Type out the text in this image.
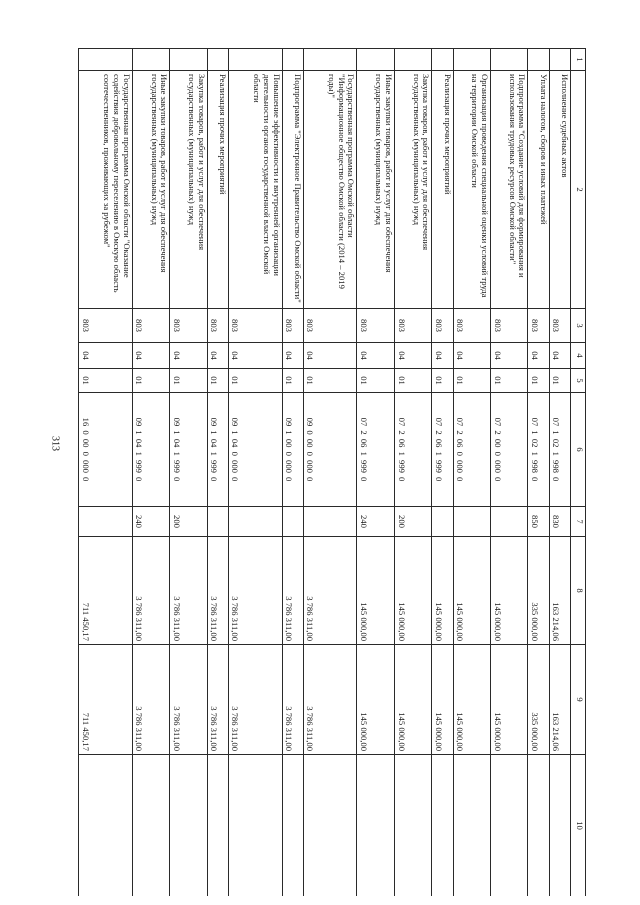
313
1	2	3	4	5	6	7	8	9	10
	Исполнение судебных актов	803	04	01	07 1 02 1 998 0	830	163 214,06	163 214,06	
	Уплата налогов, сборов и иных платежей	803	04	01	07 1 02 1 998 0	850	335 000,00	335 000,00	
	Подпрограмма "Создание условий для формирования и использования трудовых ресурсов Омской области"	803	04	01	07 2 00 0 000 0		145 000,00	145 000,00	
	Организация проведения специальной оценки условий труда на территории Омской области	803	04	01	07 2 06 0 000 0		145 000,00	145 000,00	
	Реализация прочих мероприятий	803	04	01	07 2 06 1 999 0		145 000,00	145 000,00	
	Закупка товаров, работ и услуг для обеспечения государственных (муниципальных) нужд	803	04	01	07 2 06 1 999 0	200	145 000,00	145 000,00	
	Иные закупки товаров, работ и услуг для обеспечения государственных (муниципальных) нужд	803	04	01	07 2 06 1 999 0	240	145 000,00	145 000,00	
	Государственная программа Омской области "Информационное общество Омской области (2014 – 2019 годы)"	803	04	01	09 0 00 0 000 0		3 786 311,00	3 786 311,00	
	Подпрограмма "Электронное Правительство Омской области"	803	04	01	09 1 00 0 000 0		3 786 311,00	3 786 311,00	
	Повышение эффективности и внутренней организации деятельности органов государственной власти Омской области	803	04	01	09 1 04 0 000 0		3 786 311,00	3 786 311,00	
	Реализация прочих мероприятий	803	04	01	09 1 04 1 999 0		3 786 311,00	3 786 311,00	
	Закупка товаров, работ и услуг для обеспечения государственных (муниципальных) нужд	803	04	01	09 1 04 1 999 0	200	3 786 311,00	3 786 311,00	
	Иные закупки товаров, работ и услуг для обеспечения государственных (муниципальных) нужд	803	04	01	09 1 04 1 999 0	240	3 786 311,00	3 786 311,00	
	Государственная программа Омской области "Оказание содействия добровольному переселению в Омскую область соотечественников, проживающих за рубежом"	803	04	01	16 0 00 0 000 0		711 450,17	711 450,17	
